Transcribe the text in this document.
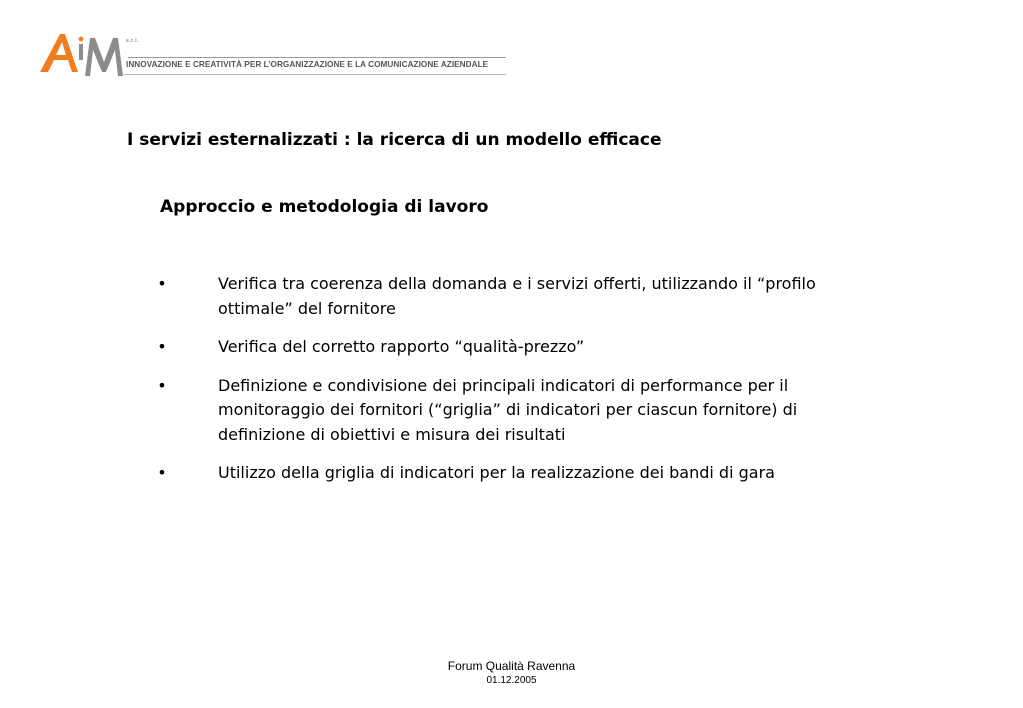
s.r.l.
INNOVAZIONE E CREATIVITÀ PER L’ORGANIZZAZIONE E LA COMUNICAZIONE AZIENDALE
I servizi esternalizzati : la ricerca di un modello efficace
Approccio e metodologia di lavoro
•	Verifica tra coerenza della domanda e i servizi offerti, utilizzando il “profilo ottimale” del fornitore
•	Verifica del corretto rapporto “qualità-prezzo”
•	Definizione e condivisione dei principali indicatori di performance per il monitoraggio dei fornitori (“griglia” di indicatori per ciascun fornitore) di definizione di obiettivi e misura dei risultati
•	Utilizzo della griglia di indicatori per la realizzazione dei bandi di gara
Forum Qualità Ravenna
01.12.2005
